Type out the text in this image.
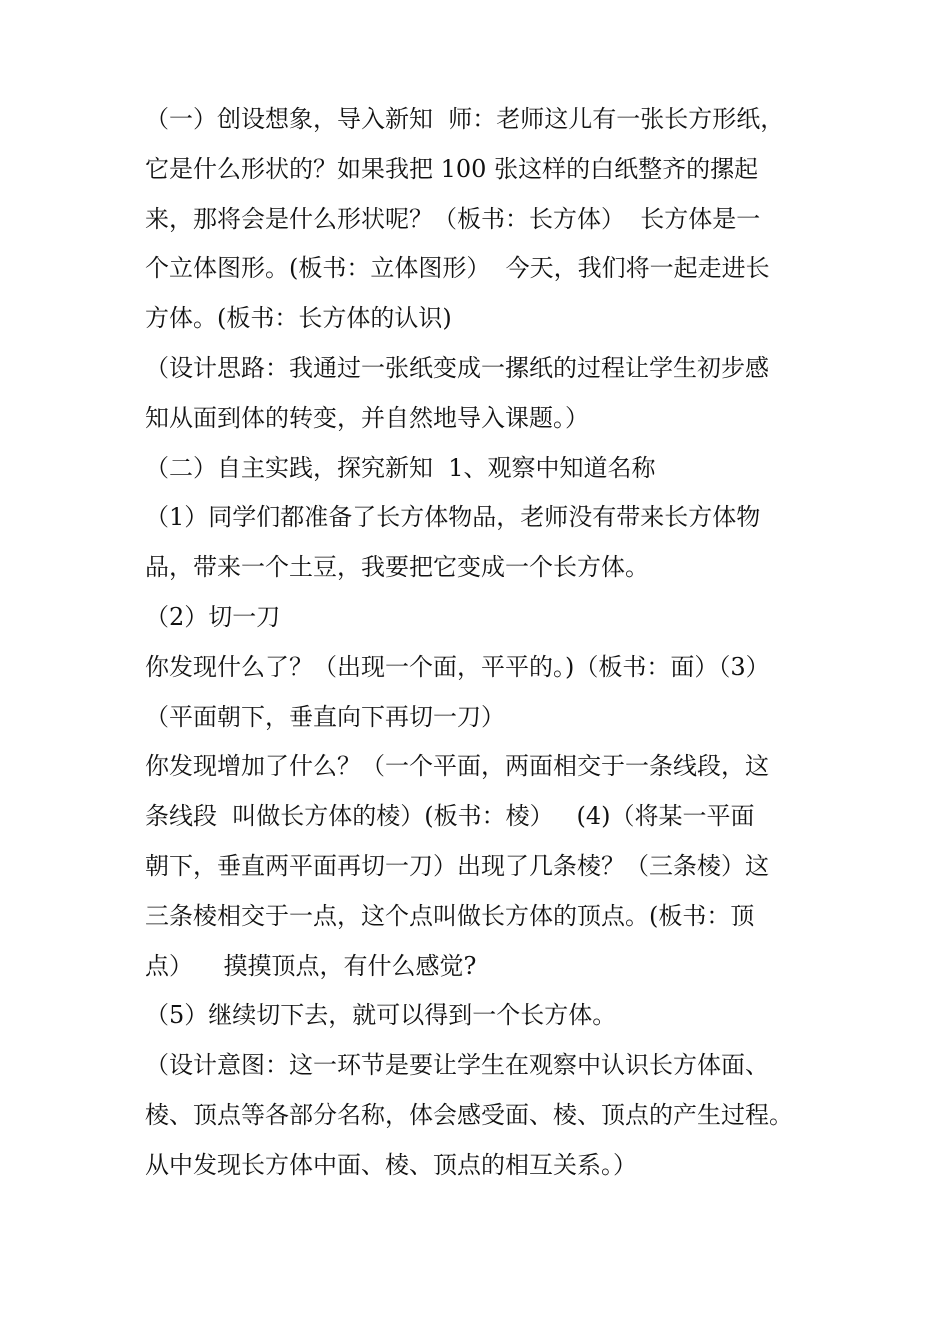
（一）创设想象，导入新知  师：老师这儿有一张长方形纸，
它是什么形状的？如果我把 100 张这样的白纸整齐的摞起
来，那将会是什么形状呢？（板书：长方体）  长方体是一
个立体图形。(板书：立体图形）  今天，我们将一起走进长
方体。(板书：长方体的认识)
（设计思路：我通过一张纸变成一摞纸的过程让学生初步感
知从面到体的转变，并自然地导入课题。）
（二）自主实践，探究新知  1、观察中知道名称
（1）同学们都准备了长方体物品，老师没有带来长方体物
品，带来一个土豆，我要把它变成一个长方体。
（2）切一刀
你发现什么了？（出现一个面，平平的。)（板书：面）（3）
（平面朝下，垂直向下再切一刀）
你发现增加了什么？（一个平面，两面相交于一条线段，这
条线段  叫做长方体的棱）(板书：棱）   (4)（将某一平面
朝下，垂直两平面再切一刀）出现了几条棱？（三条棱）这
三条棱相交于一点，这个点叫做长方体的顶点。(板书：顶
点）    摸摸顶点，有什么感觉?
（5）继续切下去，就可以得到一个长方体。
（设计意图：这一环节是要让学生在观察中认识长方体面、
棱、顶点等各部分名称，体会感受面、棱、顶点的产生过程。
从中发现长方体中面、棱、顶点的相互关系。）
